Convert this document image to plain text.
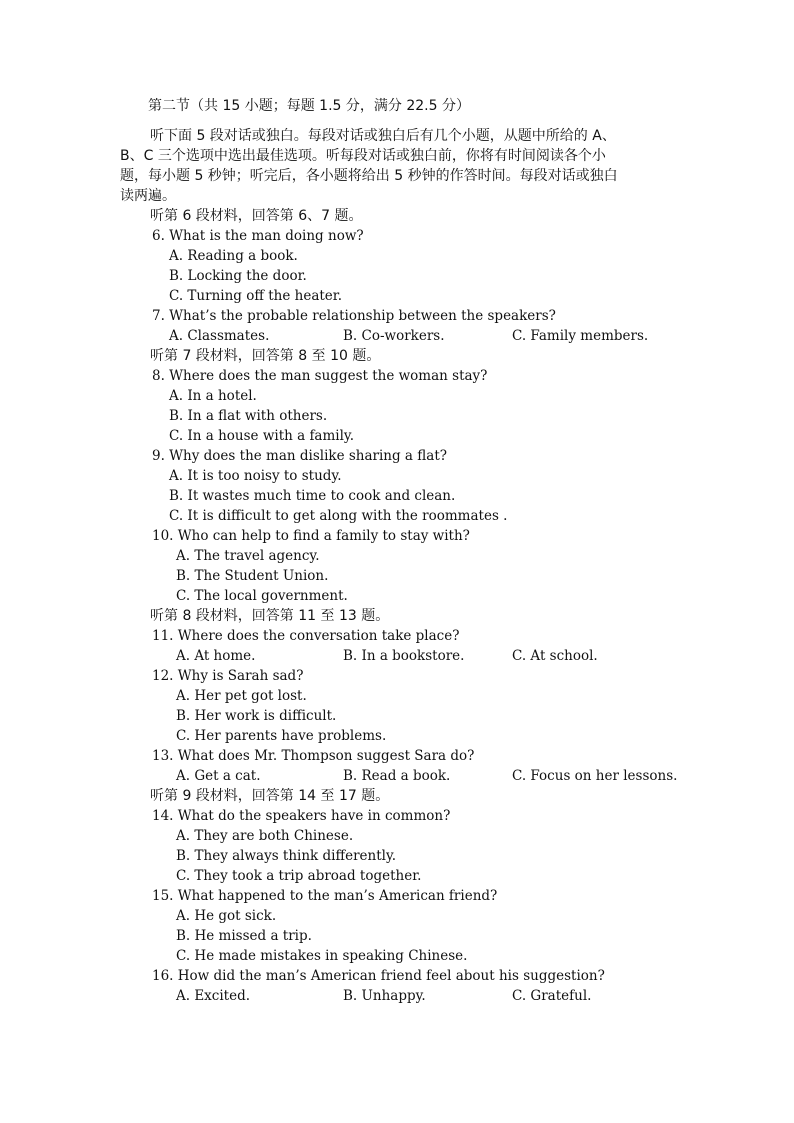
第二节（共 15 小题；每题 1.5 分，满分 22.5 分）
听下面 5 段对话或独白。每段对话或独白后有几个小题，从题中所给的 A、
B、C 三个选项中选出最佳选项。听每段对话或独白前，你将有时间阅读各个小
题，每小题 5 秒钟；听完后，各小题将给出 5 秒钟的作答时间。每段对话或独白
读两遍。
听第 6 段材料，回答第 6、7 题。
6. What is the man doing now?
A. Reading a book.
B. Locking the door.
C. Turning off the heater.
7. What’s the probable relationship between the speakers?
A. Classmates.	B. Co-workers.	C. Family members.
听第 7 段材料，回答第 8 至 10 题。
8. Where does the man suggest the woman stay?
A. In a hotel.
B. In a flat with others.
C. In a house with a family.
9. Why does the man dislike sharing a flat?
A. It is too noisy to study.
B. It wastes much time to cook and clean.
C. It is difficult to get along with the roommates .
10. Who can help to find a family to stay with?
A. The travel agency.
B. The Student Union.
C. The local government.
听第 8 段材料，回答第 11 至 13 题。
11. Where does the conversation take place?
A. At home.	B. In a bookstore.	C. At school.
12. Why is Sarah sad?
A. Her pet got lost.
B. Her work is difficult.
C. Her parents have problems.
13. What does Mr. Thompson suggest Sara do?
A. Get a cat.	B. Read a book.	C. Focus on her lessons.
听第 9 段材料，回答第 14 至 17 题。
14. What do the speakers have in common?
A. They are both Chinese.
B. They always think differently.
C. They took a trip abroad together.
15. What happened to the man’s American friend?
A. He got sick.
B. He missed a trip.
C. He made mistakes in speaking Chinese.
16. How did the man’s American friend feel about his suggestion?
A. Excited.	B. Unhappy.	C. Grateful.
